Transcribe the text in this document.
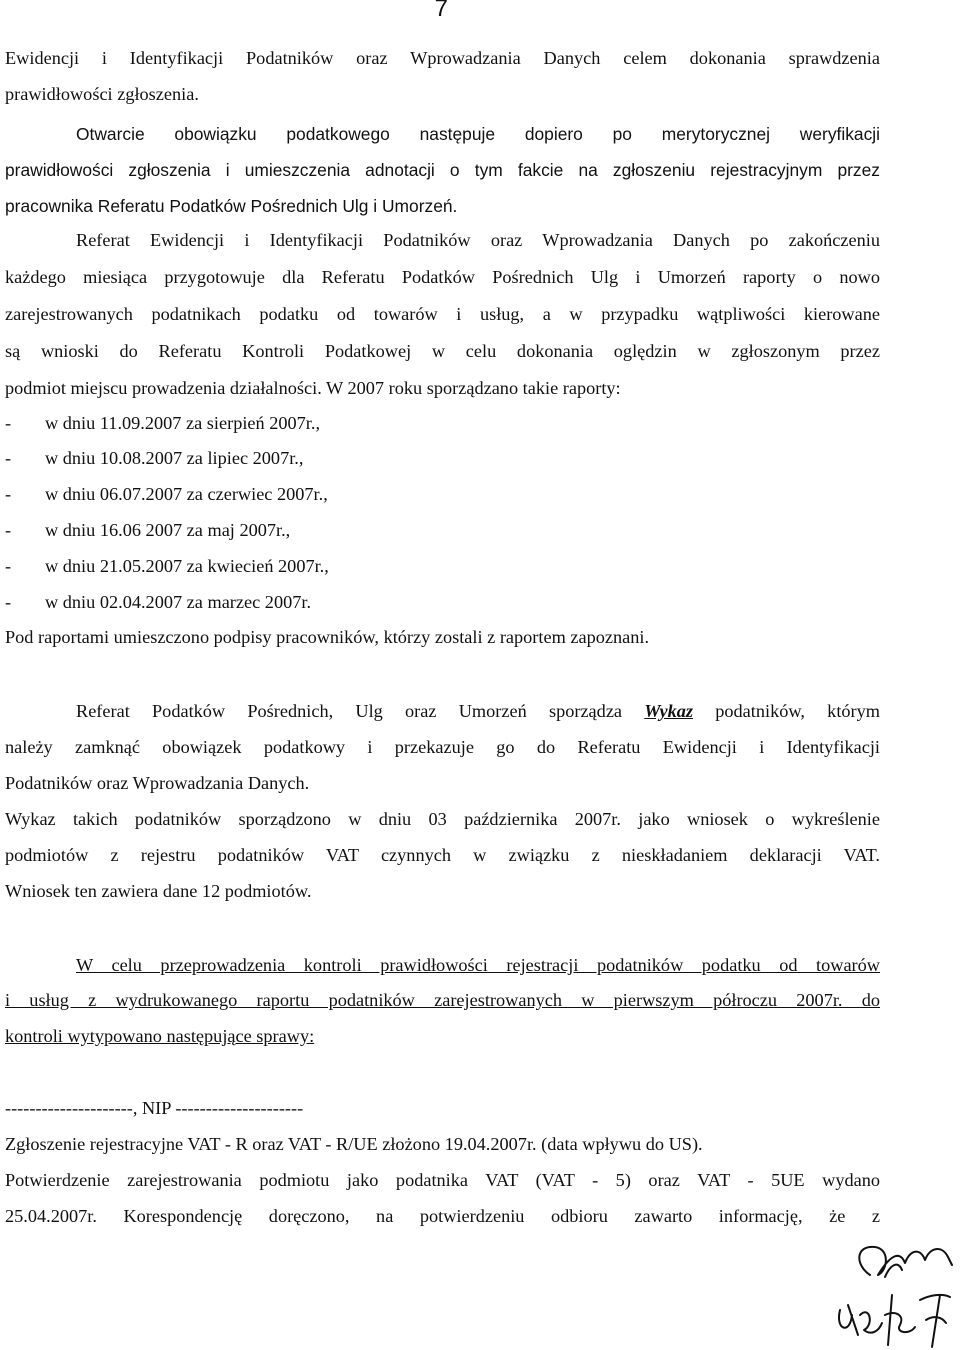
7
Ewidencji i Identyfikacji Podatników oraz Wprowadzania Danych celem dokonania sprawdzenia
prawidłowości zgłoszenia.
Otwarcie obowiązku podatkowego następuje dopiero po merytorycznej weryfikacji
prawidłowości zgłoszenia i umieszczenia adnotacji o tym fakcie na zgłoszeniu rejestracyjnym przez
pracownika Referatu Podatków Pośrednich Ulg i Umorzeń.
Referat Ewidencji i Identyfikacji Podatników oraz Wprowadzania Danych po zakończeniu
każdego miesiąca przygotowuje dla Referatu Podatków Pośrednich Ulg i Umorzeń raporty o nowo
zarejestrowanych podatnikach podatku od towarów i usług, a w przypadku wątpliwości kierowane
są wnioski do Referatu Kontroli Podatkowej w celu dokonania oględzin w zgłoszonym przez
podmiot miejscu prowadzenia działalności. W 2007 roku sporządzano takie raporty:
- w dniu 11.09.2007 za sierpień 2007r.,
- w dniu 10.08.2007 za lipiec 2007r.,
- w dniu 06.07.2007 za czerwiec 2007r.,
- w dniu 16.06 2007 za maj 2007r.,
- w dniu 21.05.2007 za kwiecień 2007r.,
- w dniu 02.04.2007 za marzec 2007r.
Pod raportami umieszczono podpisy pracowników, którzy zostali z raportem zapoznani.
Referat Podatków Pośrednich, Ulg oraz Umorzeń sporządza Wykaz podatników, którym
należy zamknąć obowiązek podatkowy i przekazuje go do Referatu Ewidencji i Identyfikacji
Podatników oraz Wprowadzania Danych.
Wykaz takich podatników sporządzono w dniu 03 października 2007r. jako wniosek o wykreślenie
podmiotów z rejestru podatników VAT czynnych w związku z nieskładaniem deklaracji VAT.
Wniosek ten zawiera dane 12 podmiotów.
W celu przeprowadzenia kontroli prawidłowości rejestracji podatników podatku od towarów
i usług z wydrukowanego raportu podatników zarejestrowanych w pierwszym półroczu 2007r. do
kontroli wytypowano następujące sprawy:
---------------------, NIP ---------------------
Zgłoszenie rejestracyjne VAT - R oraz VAT - R/UE złożono 19.04.2007r. (data wpływu do US).
Potwierdzenie zarejestrowania podmiotu jako podatnika VAT (VAT - 5) oraz VAT - 5UE wydano
25.04.2007r. Korespondencję doręczono, na potwierdzeniu odbioru zawarto informację, że z
